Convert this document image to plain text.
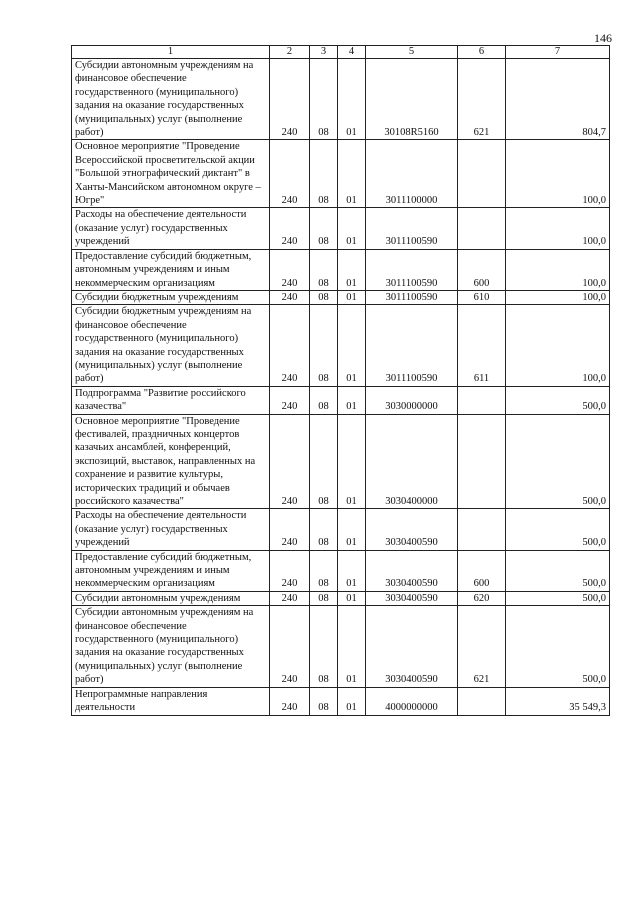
146
1	2	3	4	5	6	7
Субсидии автономным учреждениям на финансовое обеспечение государственного (муниципального) задания на оказание государственных (муниципальных) услуг (выполнение работ)	240	08	01	30108R5160	621	804,7
Основное мероприятие "Проведение Всероссийской просветительской акции "Большой этнографический диктант" в Ханты-Мансийском автономном округе – Югре"	240	08	01	3011100000		100,0
Расходы на обеспечение деятельности (оказание услуг) государственных учреждений	240	08	01	3011100590		100,0
Предоставление субсидий бюджетным, автономным учреждениям и иным некоммерческим организациям	240	08	01	3011100590	600	100,0
Субсидии бюджетным учреждениям	240	08	01	3011100590	610	100,0
Субсидии бюджетным учреждениям на финансовое обеспечение государственного (муниципального) задания на оказание государственных (муниципальных) услуг (выполнение работ)	240	08	01	3011100590	611	100,0
Подпрограмма "Развитие российского казачества"	240	08	01	3030000000		500,0
Основное мероприятие "Проведение фестивалей, праздничных концертов казачьих ансамблей, конференций, экспозиций, выставок, направленных на сохранение и развитие культуры, исторических традиций и обычаев российского казачества"	240	08	01	3030400000		500,0
Расходы на обеспечение деятельности (оказание услуг) государственных учреждений	240	08	01	3030400590		500,0
Предоставление субсидий бюджетным, автономным учреждениям и иным некоммерческим организациям	240	08	01	3030400590	600	500,0
Субсидии автономным учреждениям	240	08	01	3030400590	620	500,0
Субсидии автономным учреждениям на финансовое обеспечение государственного (муниципального) задания на оказание государственных (муниципальных) услуг (выполнение работ)	240	08	01	3030400590	621	500,0
Непрограммные направления деятельности	240	08	01	4000000000		35 549,3
